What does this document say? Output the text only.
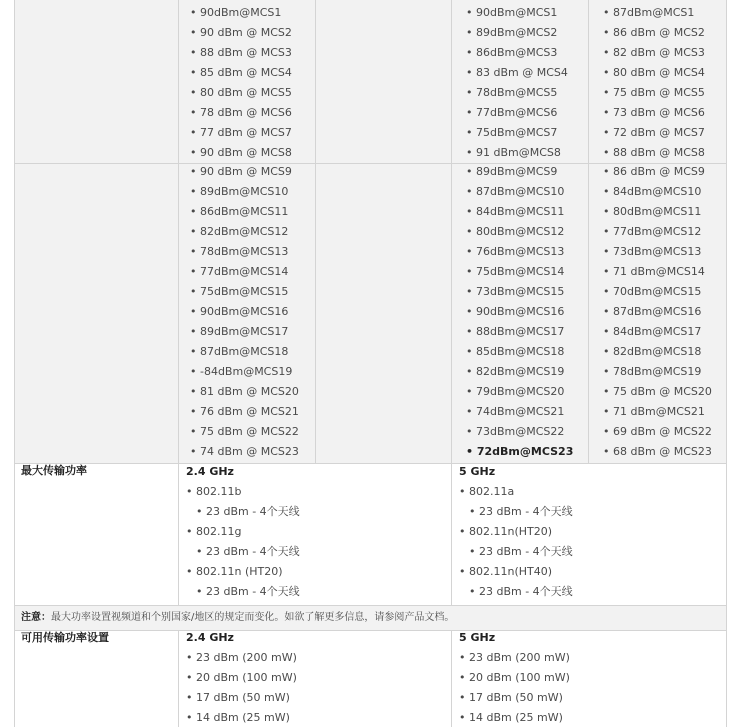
• 90dBm@MCS1
• 90 dBm @ MCS2
• 88 dBm @ MCS3
• 85 dBm @ MCS4
• 80 dBm @ MCS5
• 78 dBm @ MCS6
• 77 dBm @ MCS7
• 90 dBm @ MCS8
• 90dBm@MCS1
• 89dBm@MCS2
• 86dBm@MCS3
• 83 dBm @ MCS4
• 78dBm@MCS5
• 77dBm@MCS6
• 75dBm@MCS7
• 91 dBm@MCS8
• 87dBm@MCS1
• 86 dBm @ MCS2
• 82 dBm @ MCS3
• 80 dBm @ MCS4
• 75 dBm @ MCS5
• 73 dBm @ MCS6
• 72 dBm @ MCS7
• 88 dBm @ MCS8
• 90 dBm @ MCS9
• 89dBm@MCS10
• 86dBm@MCS11
• 82dBm@MCS12
• 78dBm@MCS13
• 77dBm@MCS14
• 75dBm@MCS15
• 90dBm@MCS16
• 89dBm@MCS17
• 87dBm@MCS18
• -84dBm@MCS19
• 81 dBm @ MCS20
• 76 dBm @ MCS21
• 75 dBm @ MCS22
• 74 dBm @ MCS23
• 89dBm@MCS9
• 87dBm@MCS10
• 84dBm@MCS11
• 80dBm@MCS12
• 76dBm@MCS13
• 75dBm@MCS14
• 73dBm@MCS15
• 90dBm@MCS16
• 88dBm@MCS17
• 85dBm@MCS18
• 82dBm@MCS19
• 79dBm@MCS20
• 74dBm@MCS21
• 73dBm@MCS22
• 72dBm@MCS23
• 86 dBm @ MCS9
• 84dBm@MCS10
• 80dBm@MCS11
• 77dBm@MCS12
• 73dBm@MCS13
• 71 dBm@MCS14
• 70dBm@MCS15
• 87dBm@MCS16
• 84dBm@MCS17
• 82dBm@MCS18
• 78dBm@MCS19
• 75 dBm @ MCS20
• 71 dBm@MCS21
• 69 dBm @ MCS22
• 68 dBm @ MCS23
最大传输功率	2.4 GHz
• 802.11b
• 23 dBm - 4个天线
• 802.11g
• 23 dBm - 4个天线
• 802.11n (HT20)
• 23 dBm - 4个天线
5 GHz
• 802.11a
• 23 dBm - 4个天线
• 802.11n(HT20)
• 23 dBm - 4个天线
• 802.11n(HT40)
• 23 dBm - 4个天线
注意：最大功率设置视频道和个别国家/地区的规定而变化。如欲了解更多信息，请参阅产品文档。
可用传输功率设置	2.4 GHz
• 23 dBm (200 mW)
• 20 dBm (100 mW)
• 17 dBm (50 mW)
• 14 dBm (25 mW)
5 GHz
• 23 dBm (200 mW)
• 20 dBm (100 mW)
• 17 dBm (50 mW)
• 14 dBm (25 mW)
